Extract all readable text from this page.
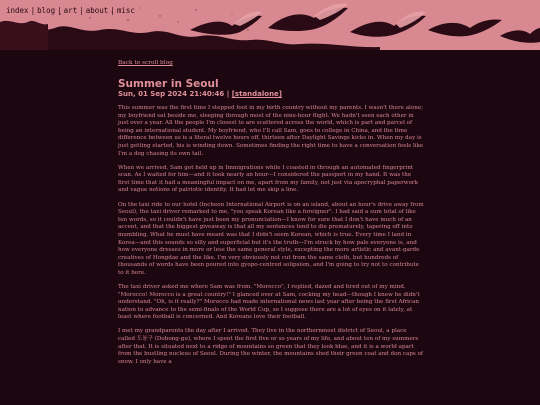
index | blog | art | about | misc
Back to scroll blog
Summer in Seoul
Sun, 01 Sep 2024 21:40:46 | [standalone]

This summer was the first time I stepped foot in my birth country without my parents. I wasn't there alone; my boyfriend sat beside me, sleeping through most of the nine-hour flight. We hadn't seen each other in just over a year. All the people I'm closest to are scattered across the world, which is part and parcel of being an international student. My boyfriend, who I'll call Sam, goes to college in China, and the time difference between us is a literal twelve hours off, thirteen after Daylight Savings kicks in. When my day is just getting started, his is winding down. Sometimes finding the right time to have a conversation feels like I'm a dog chasing its own tail.

When we arrived, Sam got held up in Immigrations while I coasted in through an automated fingerprint scan. As I waited for him—and it took nearly an hour—I considered the passport in my hand. It was the first time that it had a meaningful impact on me, apart from my family, not just via apocryphal paperwork and vague notions of patriotic identity. It had let me skip a line.

On the taxi ride to our hotel (Incheon International Airport is on an island, about an hour's drive away from Seoul), the taxi driver remarked to me, "you speak Korean like a foreigner". I had said a sum total of like ten words, so it couldn't have just been my pronunciation—I know for sure that I don't have much of an accent, and that the biggest giveaway is that all my sentences tend to die prematurely, tapering off into mumbling. What he must have meant was that I didn't seem Korean, which is true. Every time I land in Korea—and this sounds so silly and superficial but it's the truth—I'm struck by how pale everyone is, and how everyone dresses in more or less the same general style, excepting the more artistic and avant-garde creatives of Hongdae and the like. I'm very obviously not cut from the same cloth, but hundreds of thousands of words have been poured into gyopo-centred solipsism, and I'm going to try not to contribute to it here.

The taxi driver asked me where Sam was from. "Morocco", I replied, dazed and tired out of my mind. "Morocco! Morocco is a great country!" I glanced over at Sam, cocking my head—though I knew he didn't understand. "Oh, is it really?" Morocco had made international news last year after being the first African nation to advance to the semi-finals of the World Cup, so I suppose there are a lot of eyes on it lately, at least where football is concerned. And Koreans love their football.

I met my grandparents the day after I arrived. They live in the northernmost district of Seoul, a place called 도봉구 (Dobong-gu), where I spent the first five or so years of my life, and about ten of my summers after that. It is situated next to a ridge of mountains so green that they look blue, and it is a world apart from the bustling nucleus of Seoul. During the winter, the mountains shed their green coat and don caps of snow. I only have a
